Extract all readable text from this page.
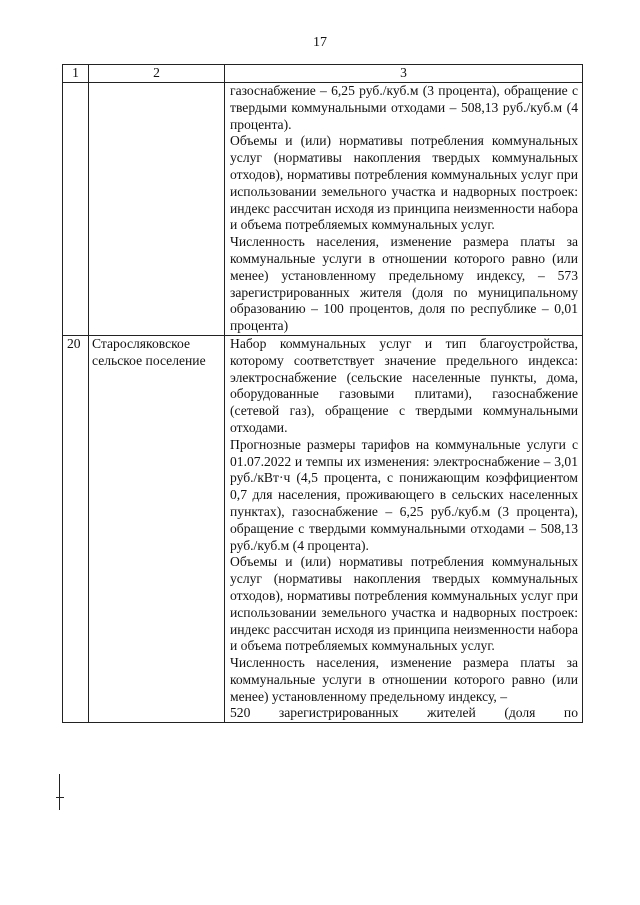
17
1	2	3

		газоснабжение – 6,25 руб./куб.м (3 процента), обращение с твердыми коммунальными отходами – 508,13 руб./куб.м (4 процента).

Объемы и (или) нормативы потребления коммунальных услуг (нормативы накопления твердых коммунальных отходов), нормативы потребления коммунальных услуг при использовании земельного участка и надворных построек: индекс рассчитан исходя из принципа неизменности набора и объема потребляемых коммунальных услуг.

Численность населения, изменение размера платы за коммунальные услуги в отношении которого равно (или менее) установленному предельному индексу, – 573 зарегистрированных жителя (доля по муниципальному образованию – 100 процентов, доля по республике – 0,01 процента)

20	Старосляковское сельское поселение	Набор коммунальных услуг и тип благоустройства, которому соответствует значение предельного индекса: электроснабжение (сельские населенные пункты, дома, оборудованные газовыми плитами), газоснабжение (сетевой газ), обращение с твердыми коммунальными отходами.

Прогнозные размеры тарифов на коммунальные услуги с 01.07.2022 и темпы их изменения: электроснабжение – 3,01 руб./кВт·ч (4,5 процента, с понижающим коэффициентом 0,7 для населения, проживающего в сельских населенных пунктах), газоснабжение – 6,25 руб./куб.м (3 процента), обращение с твердыми коммунальными отходами – 508,13 руб./куб.м (4 процента).

Объемы и (или) нормативы потребления коммунальных услуг (нормативы накопления твердых коммунальных отходов), нормативы потребления коммунальных услуг при использовании земельного участка и надворных построек: индекс рассчитан исходя из принципа неизменности набора и объема потребляемых коммунальных услуг.

Численность населения, изменение размера платы за коммунальные услуги в отношении которого равно (или менее) установленному предельному индексу, –

520 зарегистрированных жителей (доля по
